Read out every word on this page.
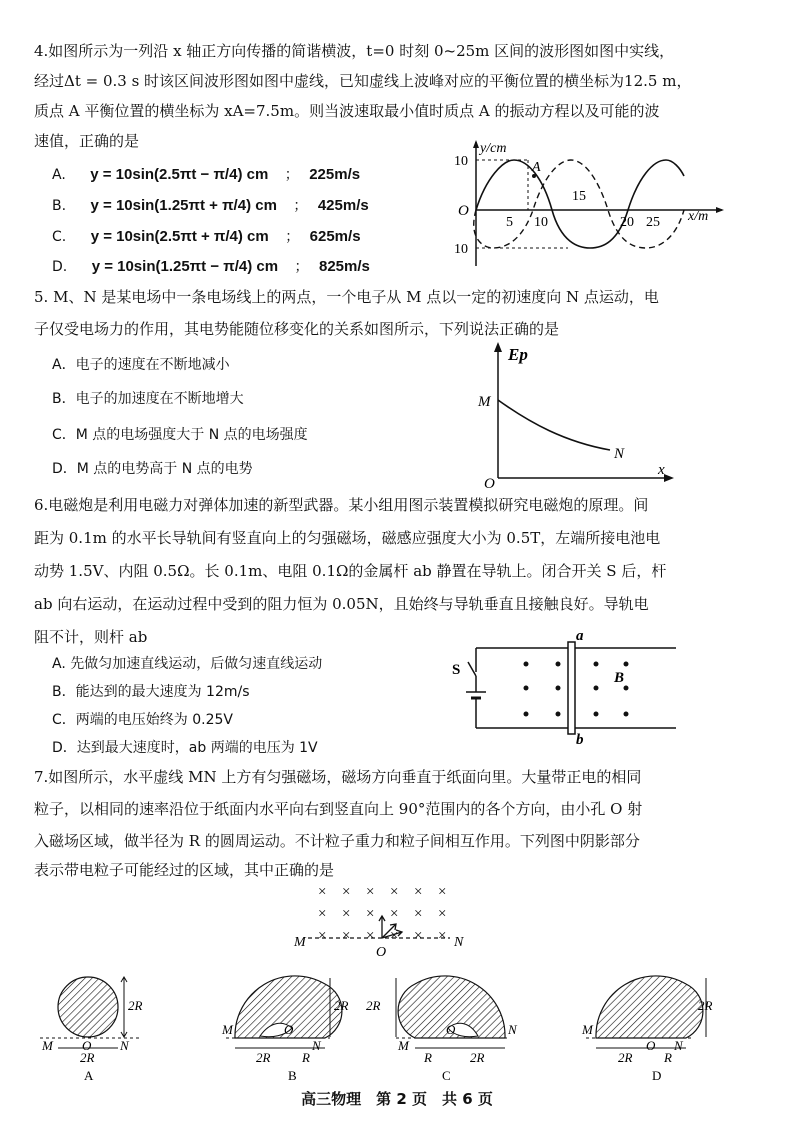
4.如图所示为一列沿 x 轴正方向传播的简谐横波，t=0 时刻 0~25m 区间的波形图如图中实线，
经过Δt = 0.3 s 时该区间波形图如图中虚线，已知虚线上波峰对应的平衡位置的横坐标为12.5 m，
质点 A 平衡位置的横坐标为 xA=7.5m。则当波速取最小值时质点 A 的振动方程以及可能的波
速值，正确的是
A. y = 10sin(2.5πt − π/4) cm ； 225m/s
B. y = 10sin(1.25πt + π/4) cm ； 425m/s
C. y = 10sin(2.5πt + π/4) cm ； 625m/s
D. y = 10sin(1.25πt − π/4) cm ； 825m/s
y/cm
x/m
O
A
10
10
5 10
15
20 25
5. M、N 是某电场中一条电场线上的两点，一个电子从 M 点以一定的初速度向 N 点运动，电
子仅受电场力的作用，其电势能随位移变化的关系如图所示，下列说法正确的是
A．电子的速度在不断地减小
B．电子的加速度在不断地增大
C．M 点的电场强度大于 N 点的电场强度
D．M 点的电势高于 N 点的电势
Ep
M
N
O
x
6.电磁炮是利用电磁力对弹体加速的新型武器。某小组用图示装置模拟研究电磁炮的原理。间
距为 0.1m 的水平长导轨间有竖直向上的匀强磁场，磁感应强度大小为 0.5T，左端所接电池电
动势 1.5V、内阻 0.5Ω。长 0.1m、电阻 0.1Ω的金属杆 ab 静置在导轨上。闭合开关 S 后，杆
ab 向右运动，在运动过程中受到的阻力恒为 0.05N，且始终与导轨垂直且接触良好。导轨电
阻不计，则杆 ab
A. 先做匀加速直线运动，后做匀速直线运动
B．能达到的最大速度为 12m/s
C．两端的电压始终为 0.25V
D．达到最大速度时，ab 两端的电压为 1V
S
a
b
B
7.如图所示，水平虚线 MN 上方有匀强磁场，磁场方向垂直于纸面向里。大量带正电的相同
粒子，以相同的速率沿位于纸面内水平向右到竖直向上 90°范围内的各个方向，由小孔 O 射
入磁场区域，做半径为 R 的圆周运动。不计粒子重力和粒子间相互作用。下列图中阴影部分
表示带电粒子可能经过的区域，其中正确的是
× × × × × ×
× × × × × ×
× × × × × ×
M	N
O
2R
2R
M O N
A
2R
2R R
M	O
N
B
2R
R	2R
M
O	N
C
2R
2R R
M
O N
D
高三物理　第 2 页　共 6 页
